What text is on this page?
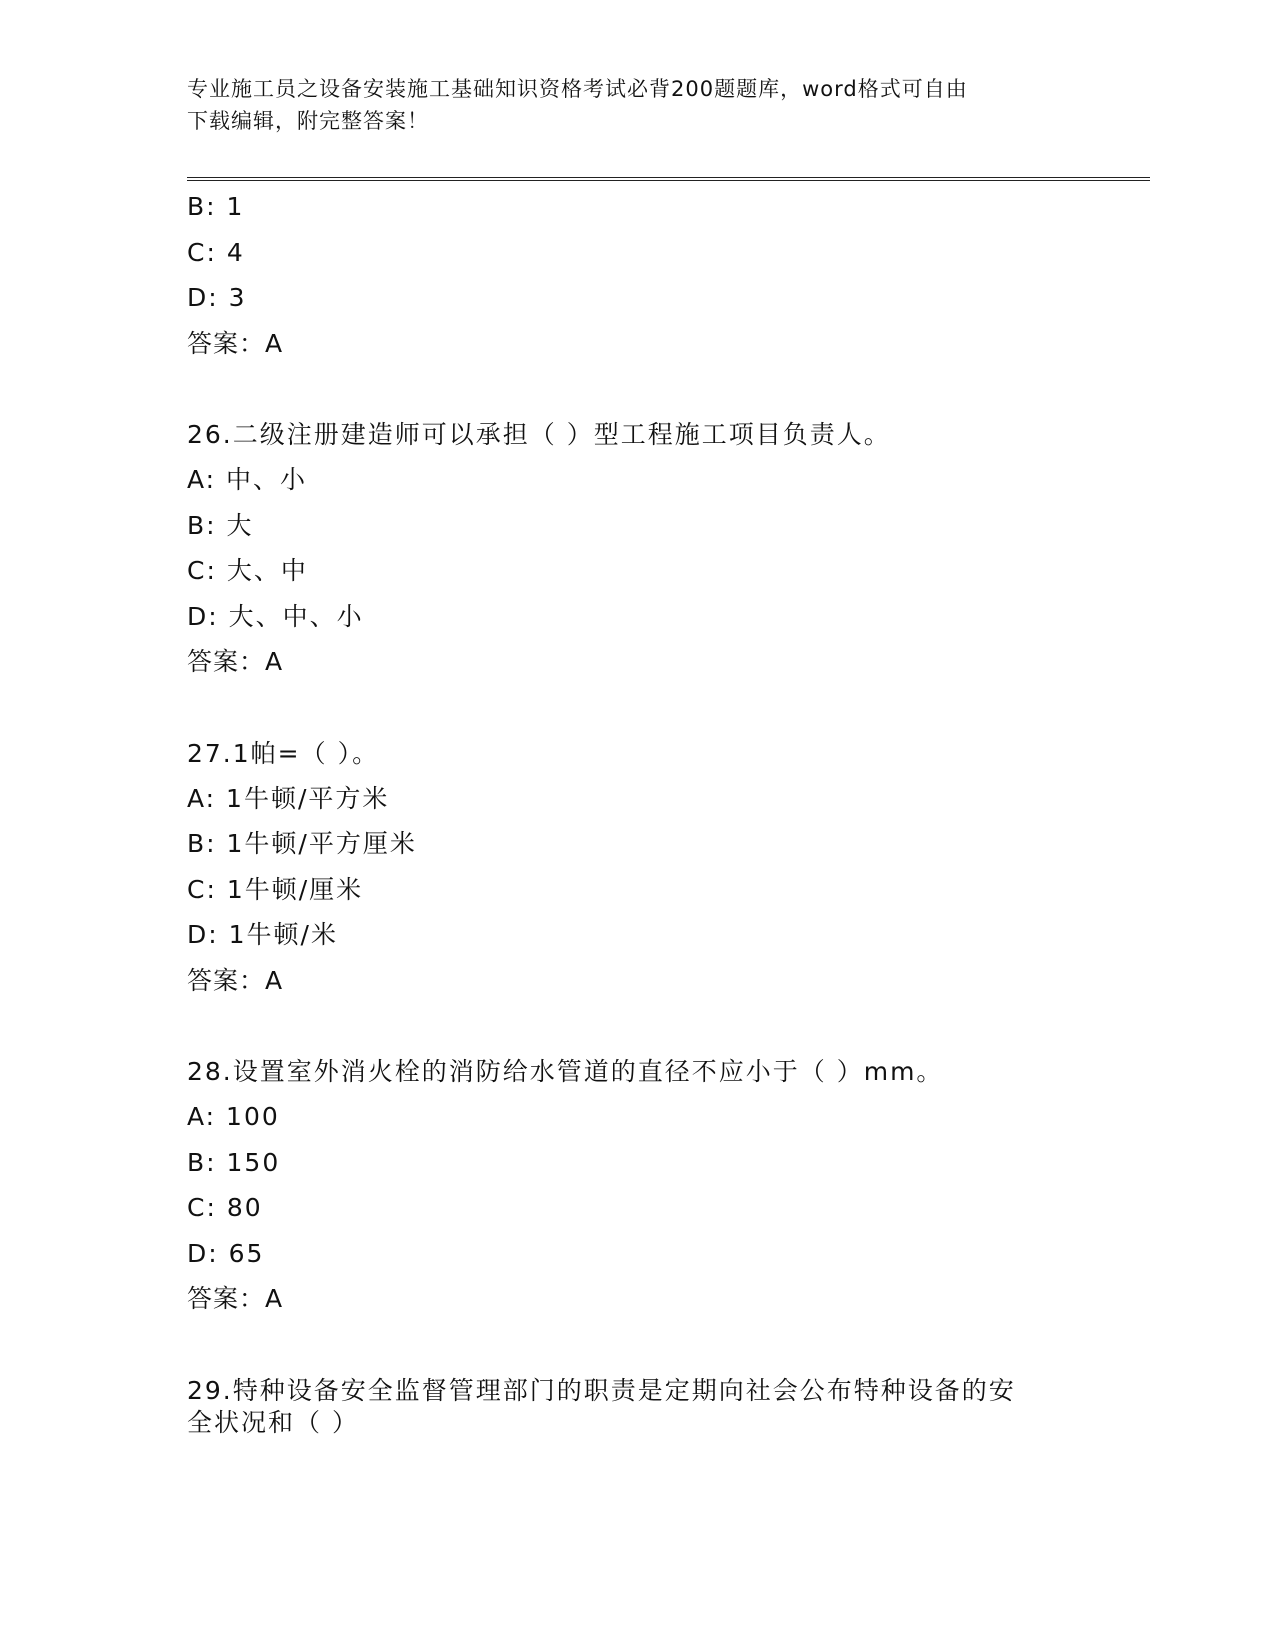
专业施工员之设备安装施工基础知识资格考试必背200题题库，word格式可自由
下载编辑，附完整答案！
B: 1
C: 4
D: 3
答案：A
26.二级注册建造师可以承担（ ）型工程施工项目负责人。
A: 中、小
B: 大
C: 大、中
D: 大、中、小
答案：A
27.1帕=（ ）。
A: 1牛顿/平方米
B: 1牛顿/平方厘米
C: 1牛顿/厘米
D: 1牛顿/米
答案：A
28.设置室外消火栓的消防给水管道的直径不应小于（ ）mm。
A: 100
B: 150
C: 80
D: 65
答案：A
29.特种设备安全监督管理部门的职责是定期向社会公布特种设备的安
全状况和（ ）
